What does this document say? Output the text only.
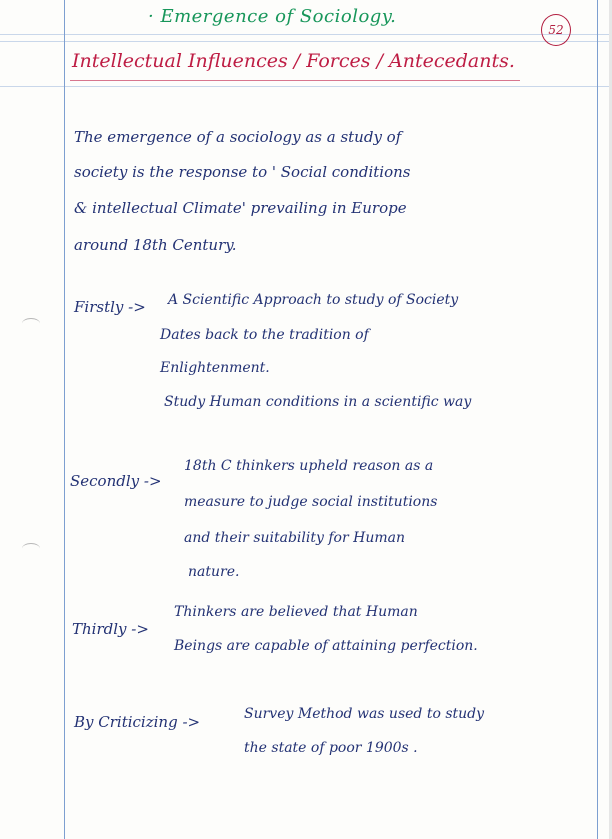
52
· Emergence of Sociology.
Intellectual Influences / Forces / Antecedants.
The emergence of a sociology as a study of
society is the response to ' Social conditions
& intellectual Climate' prevailing in Europe
around 18th Century.
Firstly -> A Scientific Approach to study of Society
Dates back to the tradition of
Enlightenment.
Study Human conditions in a scientific way
Secondly ->
18th C thinkers upheld reason as a
measure to judge social institutions
and their suitability for Human
nature.
Thirdly ->
Thinkers are believed that Human
Beings are capable of attaining perfection.
By Criticizing ->	Survey Method was used to study
the state of poor 1900s .
